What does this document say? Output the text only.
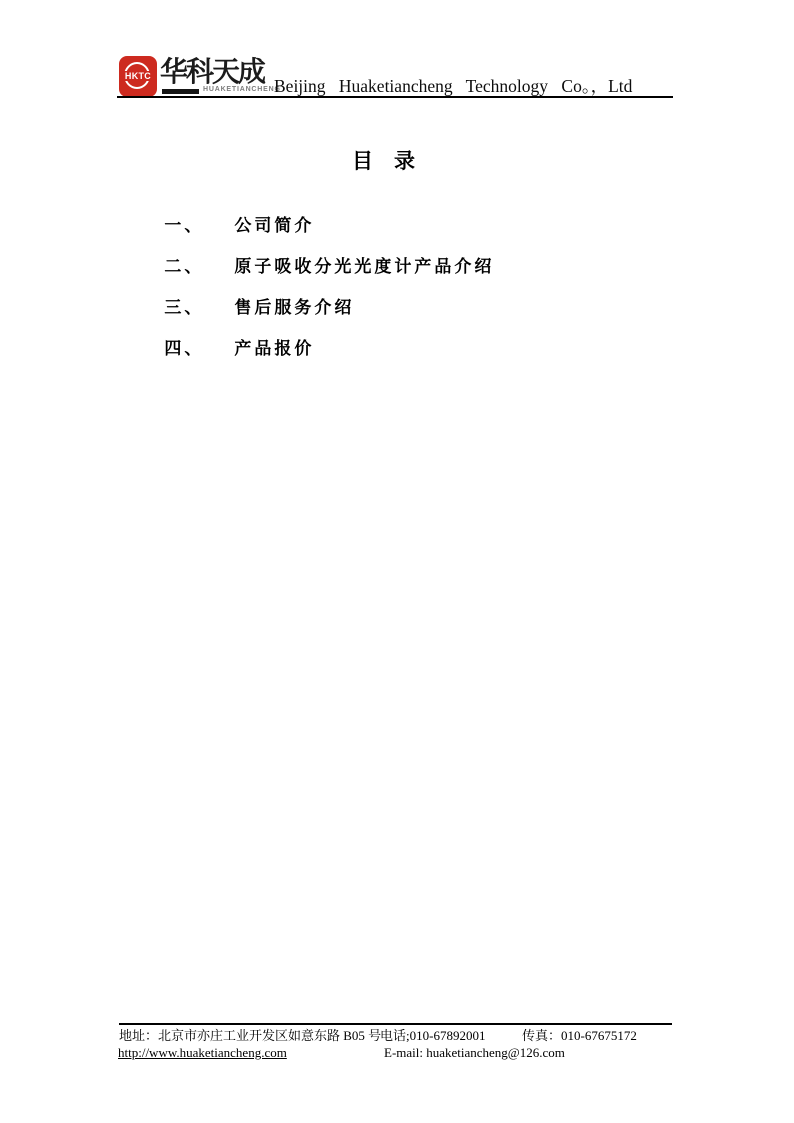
HKTC 华科天成
HUAKETIANCHENG
Beijing Huaketiancheng Technology Co。，Ltd
目　录

一、 公司简介

二、 原子吸收分光光度计产品介绍

三、 售后服务介绍

四、 产品报价

地址：北京市亦庄工业开发区如意东路 B05 号
电话;010-67892001	传真：010-67675172
http://www.huaketiancheng.com	E-mail: huaketiancheng@126.com
